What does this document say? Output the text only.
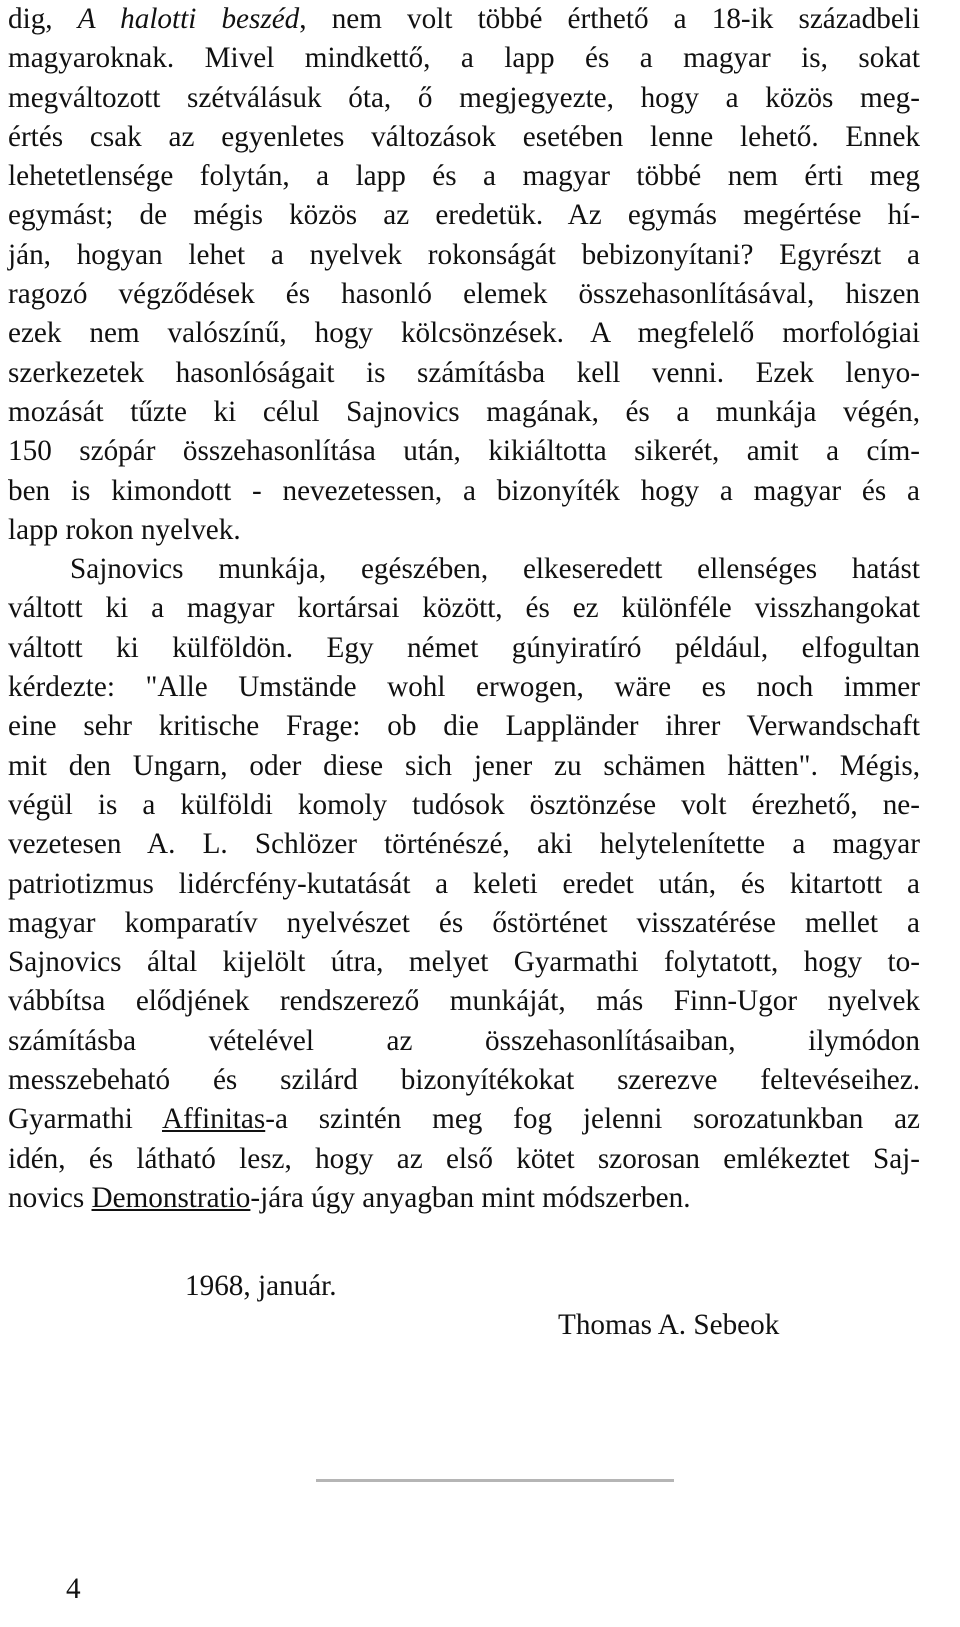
dig, A halotti beszéd, nem volt többé érthető a 18-ik századbeli
magyaroknak. Mivel mindkettő, a lapp és a magyar is, sokat
megváltozott szétválásuk óta, ő megjegyezte, hogy a közös meg-
értés csak az egyenletes változások esetében lenne lehető. Ennek
lehetetlensége folytán, a lapp és a magyar többé nem érti meg
egymást; de mégis közös az eredetük. Az egymás megértése hí-
ján, hogyan lehet a nyelvek rokonságát bebizonyítani? Egyrészt a
ragozó végződések és hasonló elemek összehasonlításával, hiszen
ezek nem valószínű, hogy kölcsönzések. A megfelelő morfológiai
szerkezetek hasonlóságait is számításba kell venni. Ezek lenyo-
mozását tűzte ki célul Sajnovics magának, és a munkája végén,
150 szópár összehasonlítása után, kikiáltotta sikerét, amit a cím-
ben is kimondott - nevezetessen, a bizonyíték hogy a magyar és a
lapp rokon nyelvek.
Sajnovics munkája, egészében, elkeseredett ellenséges hatást
váltott ki a magyar kortársai között, és ez különféle visszhangokat
váltott ki külföldön. Egy német gúnyiratíró például, elfogultan
kérdezte: "Alle Umstände wohl erwogen, wäre es noch immer
eine sehr kritische Frage: ob die Lappländer ihrer Verwandschaft
mit den Ungarn, oder diese sich jener zu schämen hätten". Mégis,
végül is a külföldi komoly tudósok ösztönzése volt érezhető, ne-
vezetesen A. L. Schlözer történészé, aki helytelenítette a magyar
patriotizmus lidércfény-kutatását a keleti eredet után, és kitartott a
magyar komparatív nyelvészet és őstörténet visszatérése mellet a
Sajnovics által kijelölt útra, melyet Gyarmathi folytatott, hogy to-
vábbítsa elődjének rendszerező munkáját, más Finn-Ugor nyelvek
számításba vételével az összehasonlításaiban, ilymódon
messzebeható és szilárd bizonyítékokat szerezve feltevéseihez.
Gyarmathi Affinitas-a szintén meg fog jelenni sorozatunkban az
idén, és látható lesz, hogy az első kötet szorosan emlékeztet Saj-
novics Demonstratio-jára úgy anyagban mint módszerben.
1968, január.
Thomas A. Sebeok
4
